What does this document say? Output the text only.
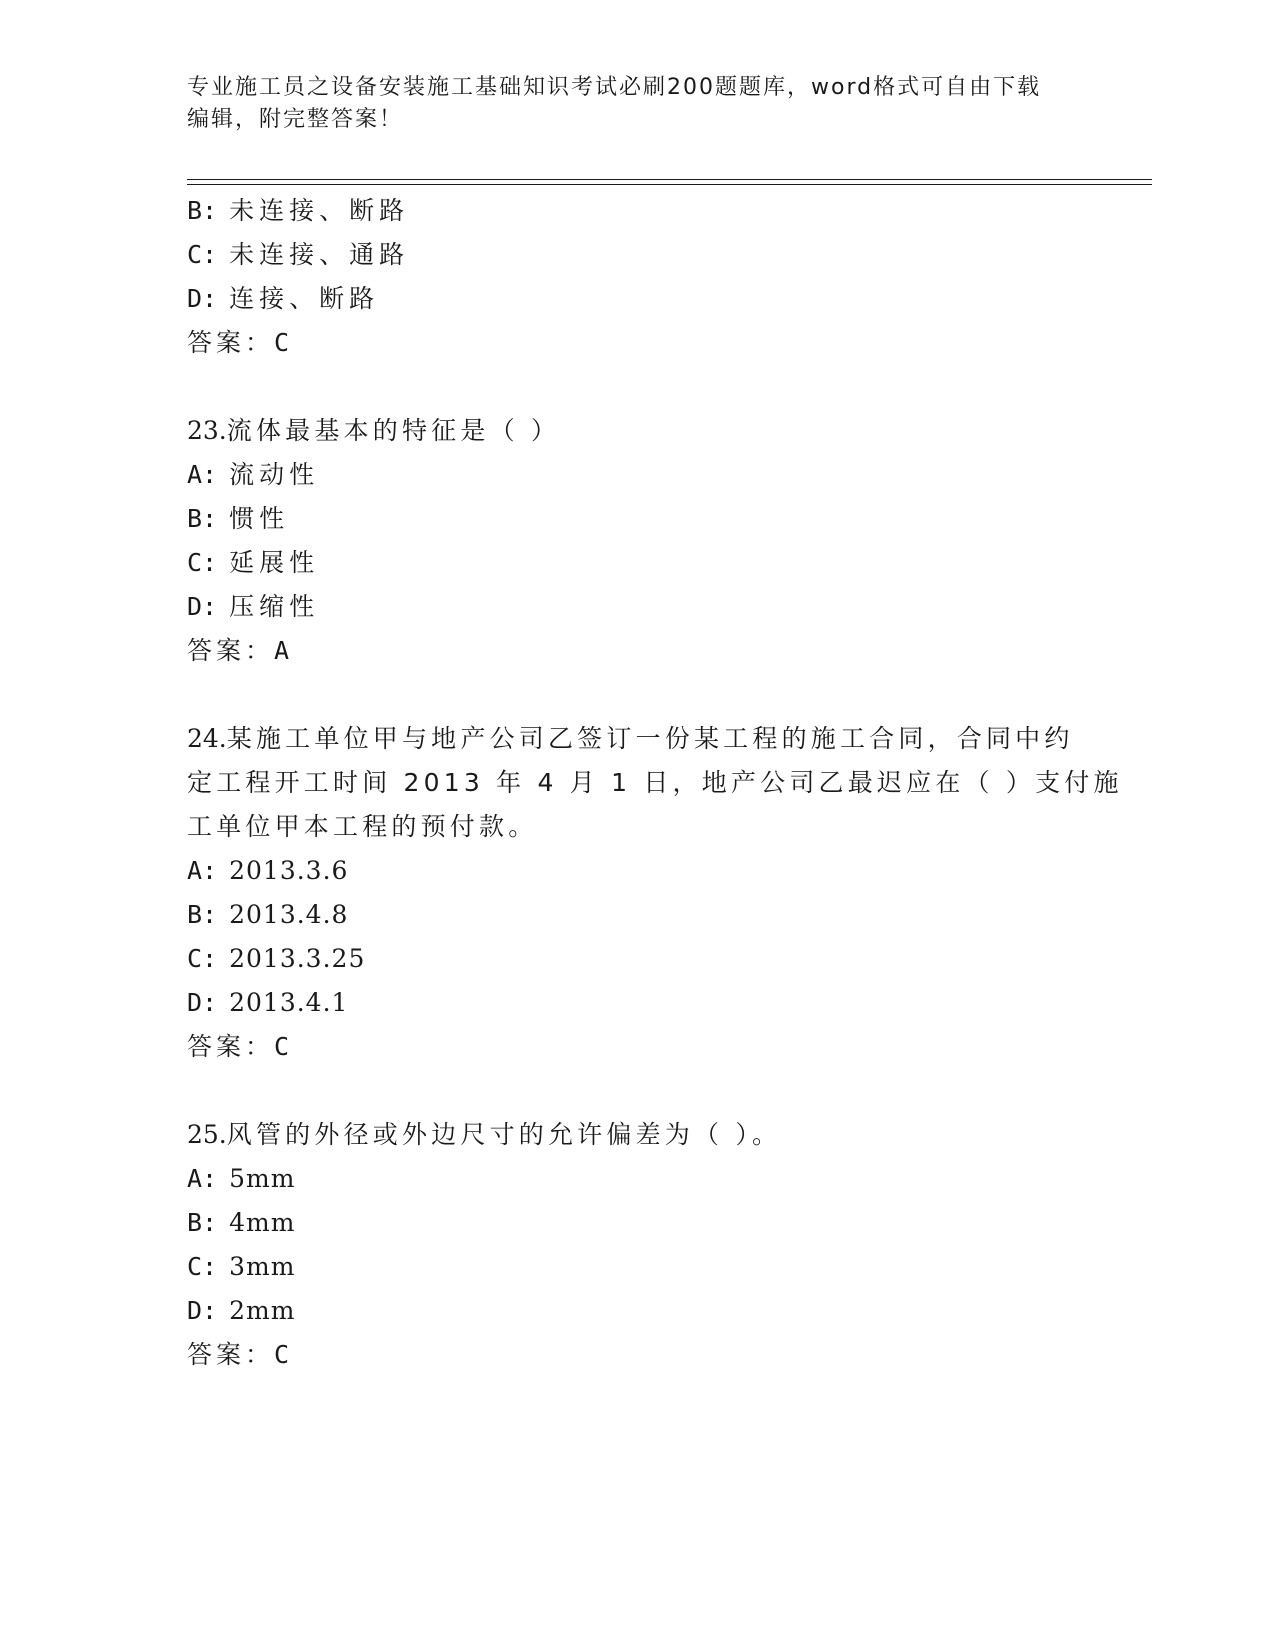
专业施工员之设备安装施工基础知识考试必刷200题题库，word格式可自由下载
编辑，附完整答案！
B: 未连接、断路
C: 未连接、通路
D: 连接、断路
答案：C
23.流体最基本的特征是（ ）
A: 流动性
B: 惯性
C: 延展性
D: 压缩性
答案：A
24.某施工单位甲与地产公司乙签订一份某工程的施工合同，合同中约
定工程开工时间 2013 年 4 月 1 日，地产公司乙最迟应在（ ）支付施
工单位甲本工程的预付款。
A: 2013.3.6
B: 2013.4.8
C: 2013.3.25
D: 2013.4.1
答案：C
25.风管的外径或外边尺寸的允许偏差为（ ）。
A: 5mm
B: 4mm
C: 3mm
D: 2mm
答案：C
